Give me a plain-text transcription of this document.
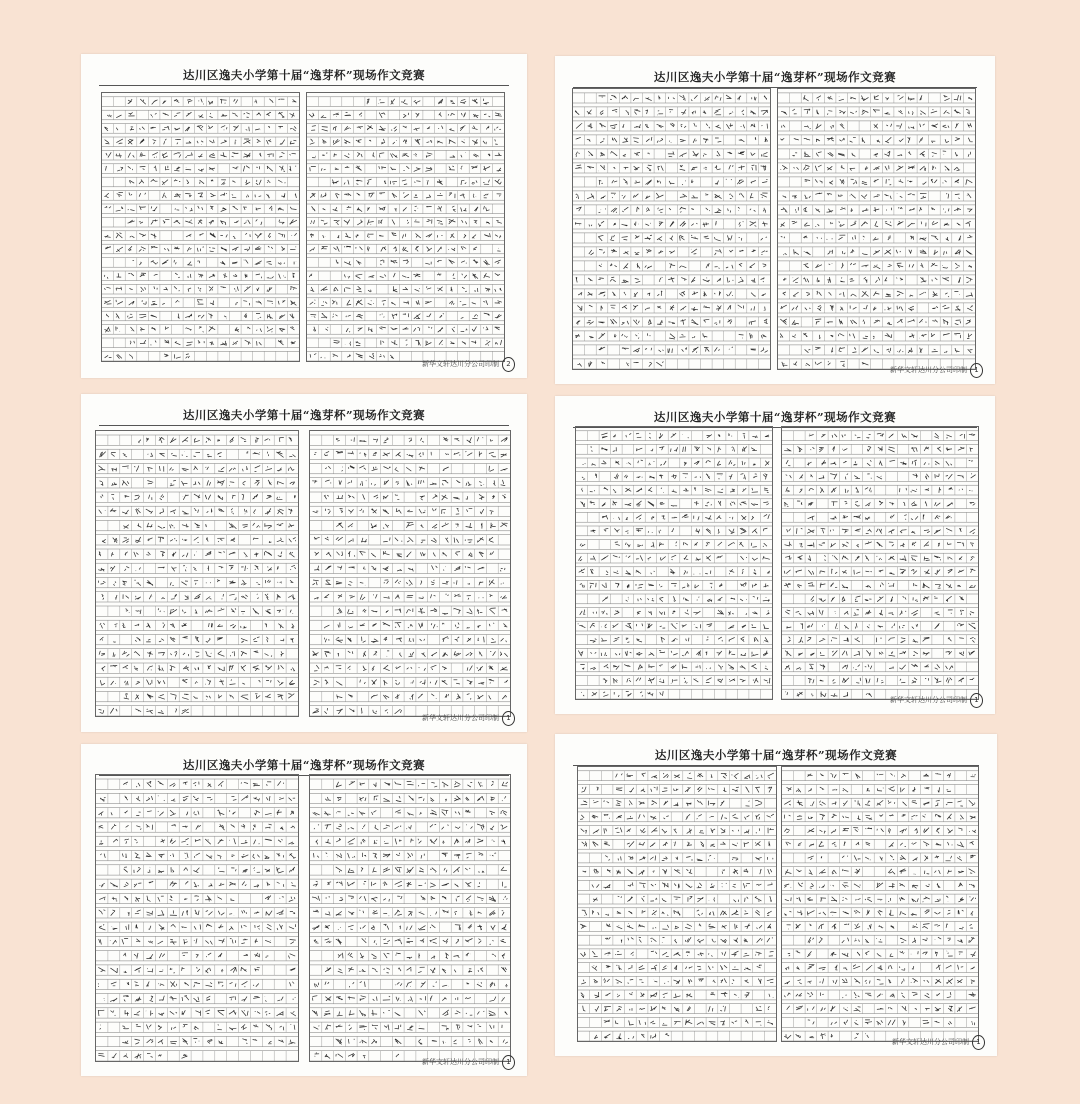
达川区逸夫小学第十届“逸芽杯”现场作文竞赛
新华文轩达川分公司印制	2
达川区逸夫小学第十届“逸芽杯”现场作文竞赛
新华文轩达川分公司印制	1
达川区逸夫小学第十届“逸芽杯”现场作文竞赛
新华文轩达川分公司印制	1
达川区逸夫小学第十届“逸芽杯”现场作文竞赛
新华文轩达川分公司印制	1
达川区逸夫小学第十届“逸芽杯”现场作文竞赛
新华文轩达川分公司印制	1
达川区逸夫小学第十届“逸芽杯”现场作文竞赛
新华文轩达川分公司印制	1
